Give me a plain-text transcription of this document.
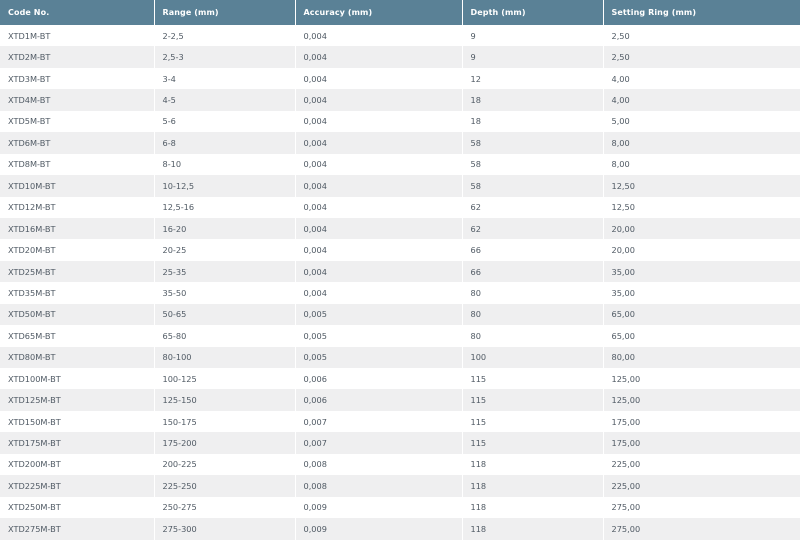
Code No.	Range (mm)	Accuracy (mm)	Depth (mm)	Setting Ring (mm)
XTD1M-BT	2-2,5	0,004	9	2,50
XTD2M-BT	2,5-3	0,004	9	2,50
XTD3M-BT	3-4	0,004	12	4,00
XTD4M-BT	4-5	0,004	18	4,00
XTD5M-BT	5-6	0,004	18	5,00
XTD6M-BT	6-8	0,004	58	8,00
XTD8M-BT	8-10	0,004	58	8,00
XTD10M-BT	10-12,5	0,004	58	12,50
XTD12M-BT	12,5-16	0,004	62	12,50
XTD16M-BT	16-20	0,004	62	20,00
XTD20M-BT	20-25	0,004	66	20,00
XTD25M-BT	25-35	0,004	66	35,00
XTD35M-BT	35-50	0,004	80	35,00
XTD50M-BT	50-65	0,005	80	65,00
XTD65M-BT	65-80	0,005	80	65,00
XTD80M-BT	80-100	0,005	100	80,00
XTD100M-BT	100-125	0,006	115	125,00
XTD125M-BT	125-150	0,006	115	125,00
XTD150M-BT	150-175	0,007	115	175,00
XTD175M-BT	175-200	0,007	115	175,00
XTD200M-BT	200-225	0,008	118	225,00
XTD225M-BT	225-250	0,008	118	225,00
XTD250M-BT	250-275	0,009	118	275,00
XTD275M-BT	275-300	0,009	118	275,00
